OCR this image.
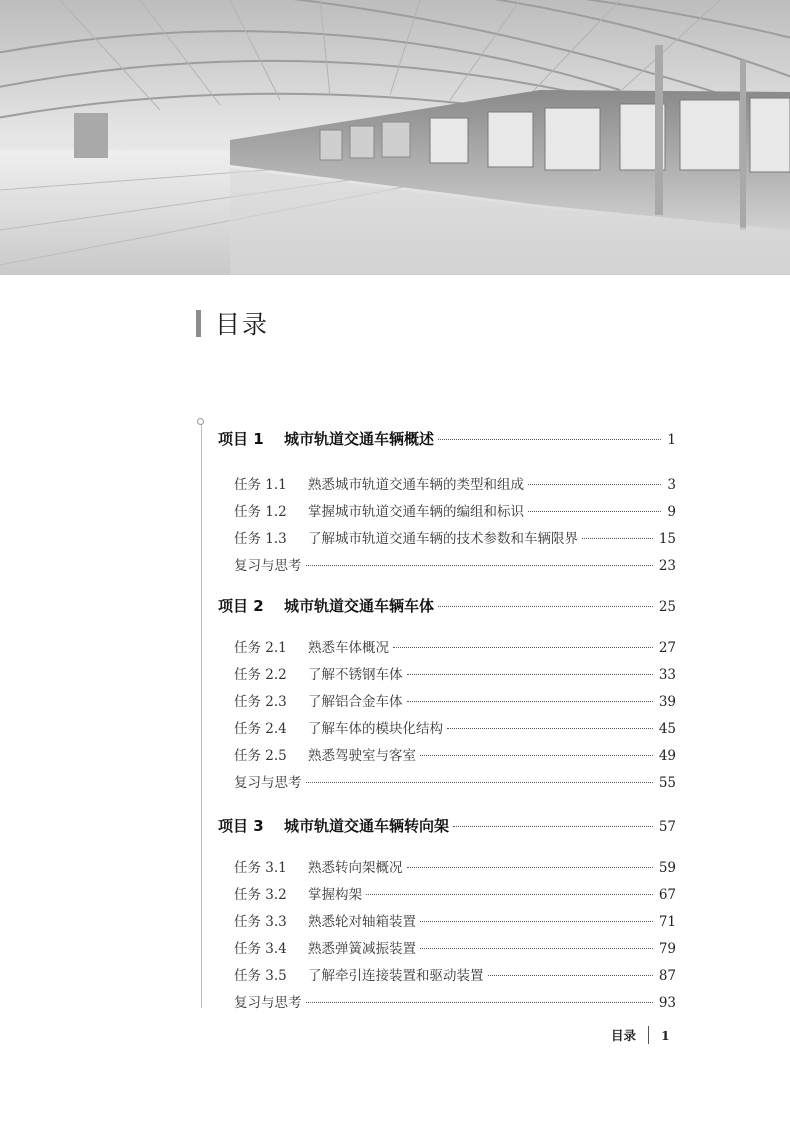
目录
项目 1	城市轨道交通车辆概述	1
任务 1.1	熟悉城市轨道交通车辆的类型和组成	3
任务 1.2	掌握城市轨道交通车辆的编组和标识	9
任务 1.3	了解城市轨道交通车辆的技术参数和车辆限界	15
复习与思考	23
项目 2	城市轨道交通车辆车体	25
任务 2.1	熟悉车体概况	27
任务 2.2	了解不锈钢车体	33
任务 2.3	了解铝合金车体	39
任务 2.4	了解车体的模块化结构	45
任务 2.5	熟悉驾驶室与客室	49
复习与思考	55
项目 3	城市轨道交通车辆转向架	57
任务 3.1	熟悉转向架概况	59
任务 3.2	掌握构架	67
任务 3.3	熟悉轮对轴箱装置	71
任务 3.4	熟悉弹簧减振装置	79
任务 3.5	了解牵引连接装置和驱动装置	87
复习与思考	93
目录 1
